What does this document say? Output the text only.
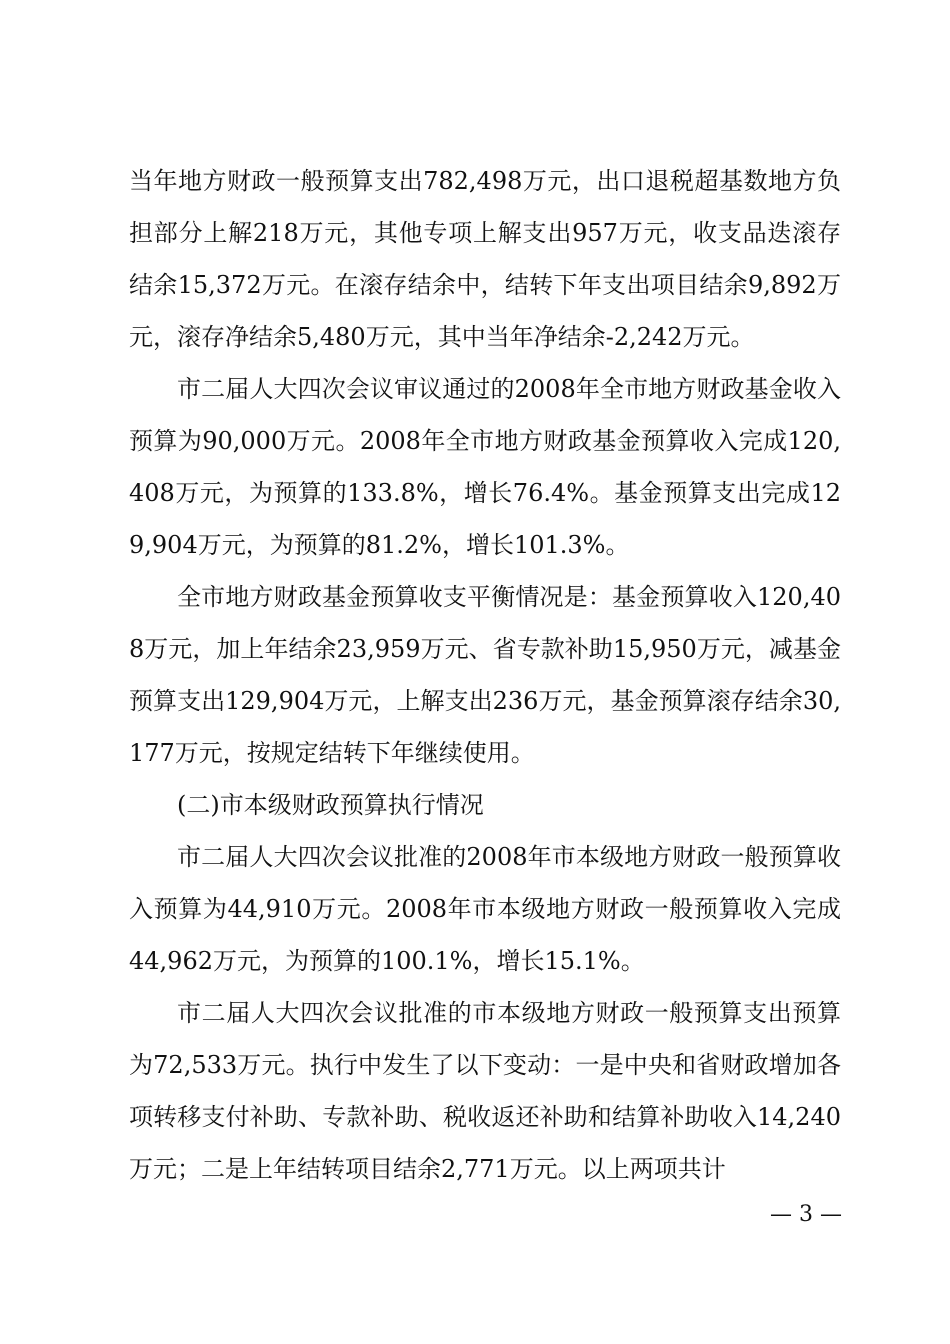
当年地方财政一般预算支出782,498万元，出口退税超基数地方负担部分上解218万元，其他专项上解支出957万元，收支品迭滚存结余15,372万元。在滚存结余中，结转下年支出项目结余9,892万元，滚存净结余5,480万元，其中当年净结余-2,242万元。

市二届人大四次会议审议通过的2008年全市地方财政基金收入预算为90,000万元。2008年全市地方财政基金预算收入完成120,408万元，为预算的133.8%，增长76.4%。基金预算支出完成129,904万元，为预算的81.2%，增长101.3%。

全市地方财政基金预算收支平衡情况是：基金预算收入120,408万元，加上年结余23,959万元、省专款补助15,950万元，减基金预算支出129,904万元，上解支出236万元，基金预算滚存结余30,177万元，按规定结转下年继续使用。

(二)市本级财政预算执行情况

市二届人大四次会议批准的2008年市本级地方财政一般预算收入预算为44,910万元。2008年市本级地方财政一般预算收入完成44,962万元，为预算的100.1%，增长15.1%。

市二届人大四次会议批准的市本级地方财政一般预算支出预算为72,533万元。执行中发生了以下变动：一是中央和省财政增加各项转移支付补助、专款补助、税收返还补助和结算补助收入14,240万元；二是上年结转项目结余2,771万元。以上两项共计

— 3 —
